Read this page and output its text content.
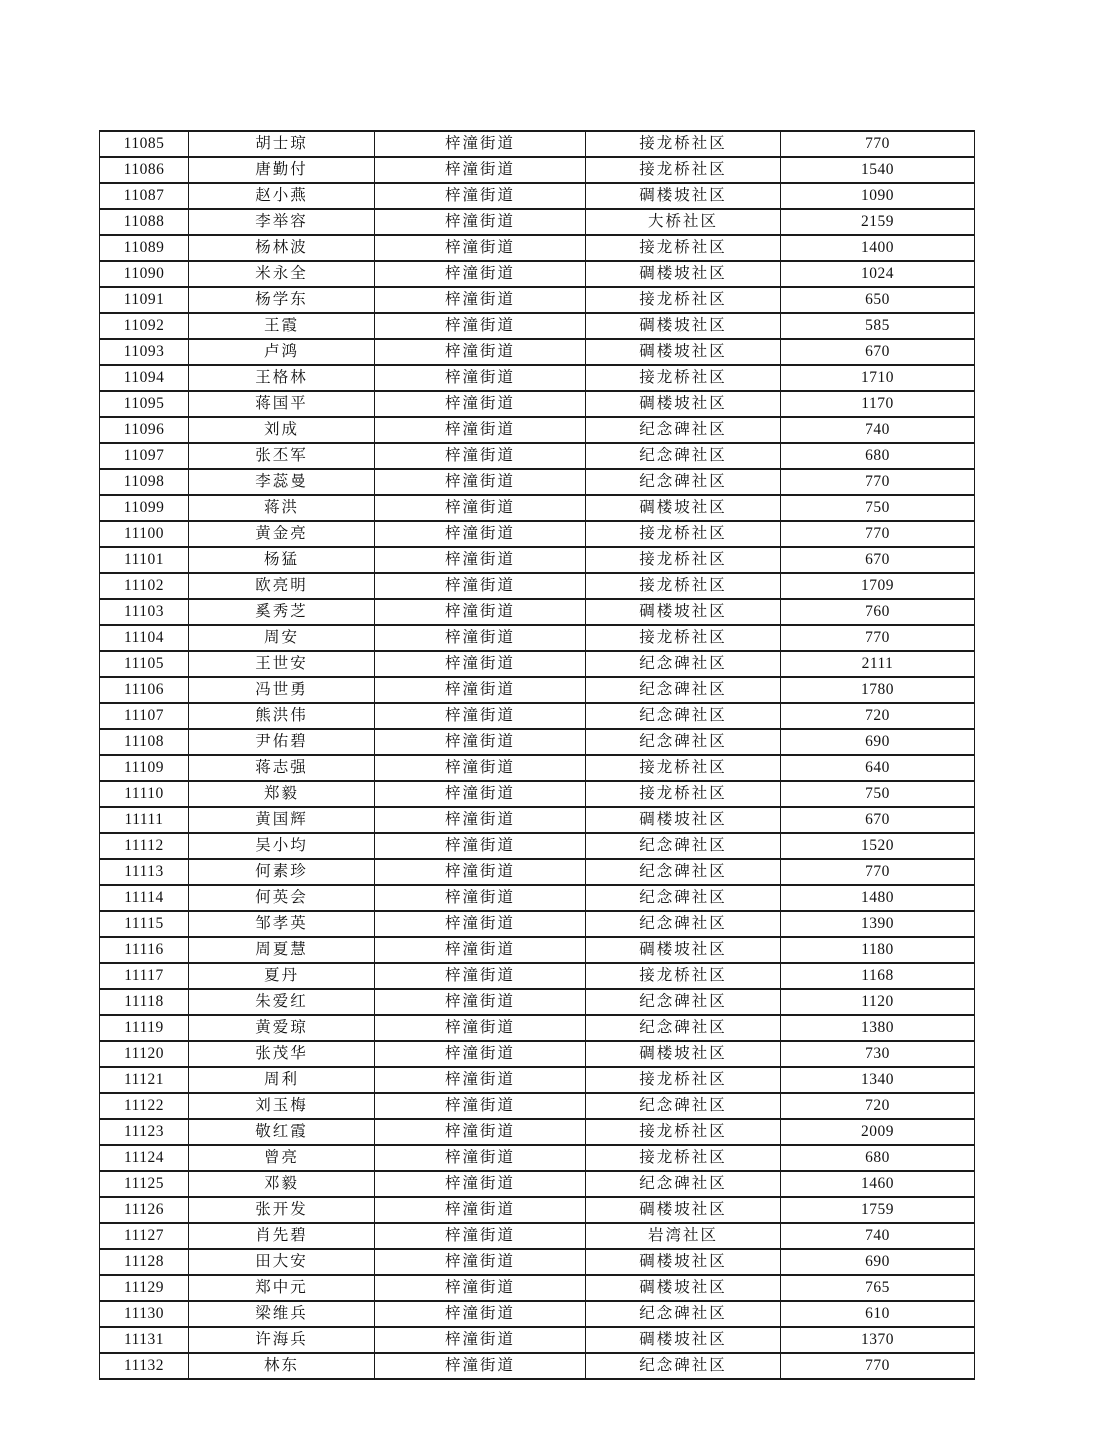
11085	胡士琼	梓潼街道	接龙桥社区	770
11086	唐勤付	梓潼街道	接龙桥社区	1540
11087	赵小燕	梓潼街道	碉楼坡社区	1090
11088	李举容	梓潼街道	大桥社区	2159
11089	杨林波	梓潼街道	接龙桥社区	1400
11090	米永全	梓潼街道	碉楼坡社区	1024
11091	杨学东	梓潼街道	接龙桥社区	650
11092	王霞	梓潼街道	碉楼坡社区	585
11093	卢鸿	梓潼街道	碉楼坡社区	670
11094	王格林	梓潼街道	接龙桥社区	1710
11095	蒋国平	梓潼街道	碉楼坡社区	1170
11096	刘成	梓潼街道	纪念碑社区	740
11097	张丕军	梓潼街道	纪念碑社区	680
11098	李蕊曼	梓潼街道	纪念碑社区	770
11099	蒋洪	梓潼街道	碉楼坡社区	750
11100	黄金亮	梓潼街道	接龙桥社区	770
11101	杨猛	梓潼街道	接龙桥社区	670
11102	欧亮明	梓潼街道	接龙桥社区	1709
11103	奚秀芝	梓潼街道	碉楼坡社区	760
11104	周安	梓潼街道	接龙桥社区	770
11105	王世安	梓潼街道	纪念碑社区	2111
11106	冯世勇	梓潼街道	纪念碑社区	1780
11107	熊洪伟	梓潼街道	纪念碑社区	720
11108	尹佑碧	梓潼街道	纪念碑社区	690
11109	蒋志强	梓潼街道	接龙桥社区	640
11110	郑毅	梓潼街道	接龙桥社区	750
11111	黄国辉	梓潼街道	碉楼坡社区	670
11112	吴小均	梓潼街道	纪念碑社区	1520
11113	何素珍	梓潼街道	纪念碑社区	770
11114	何英会	梓潼街道	纪念碑社区	1480
11115	邹孝英	梓潼街道	纪念碑社区	1390
11116	周夏慧	梓潼街道	碉楼坡社区	1180
11117	夏丹	梓潼街道	接龙桥社区	1168
11118	朱爱红	梓潼街道	纪念碑社区	1120
11119	黄爱琼	梓潼街道	纪念碑社区	1380
11120	张茂华	梓潼街道	碉楼坡社区	730
11121	周利	梓潼街道	接龙桥社区	1340
11122	刘玉梅	梓潼街道	纪念碑社区	720
11123	敬红霞	梓潼街道	接龙桥社区	2009
11124	曾亮	梓潼街道	接龙桥社区	680
11125	邓毅	梓潼街道	纪念碑社区	1460
11126	张开发	梓潼街道	碉楼坡社区	1759
11127	肖先碧	梓潼街道	岩湾社区	740
11128	田大安	梓潼街道	碉楼坡社区	690
11129	郑中元	梓潼街道	碉楼坡社区	765
11130	梁维兵	梓潼街道	纪念碑社区	610
11131	许海兵	梓潼街道	碉楼坡社区	1370
11132	林东	梓潼街道	纪念碑社区	770
